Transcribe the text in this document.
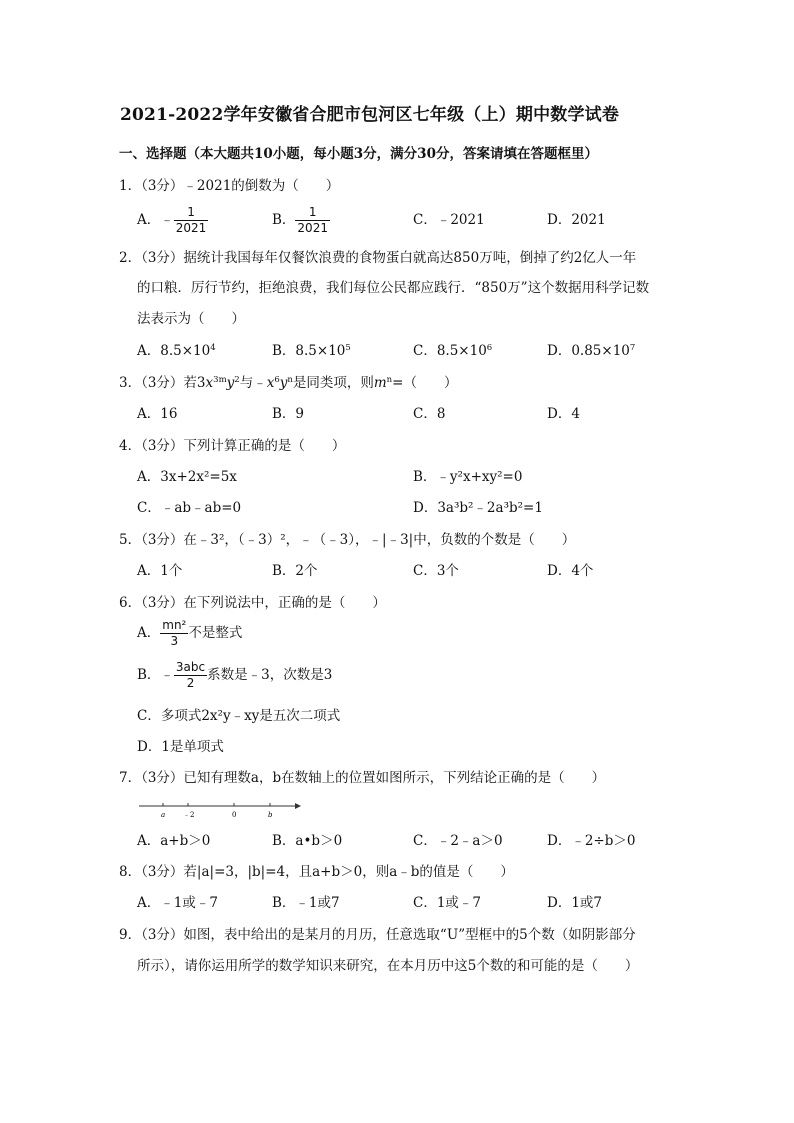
2021-2022学年安徽省合肥市包河区七年级（上）期中数学试卷
一、选择题（本大题共10小题，每小题3分，满分30分，答案请填在答题框里）
1．（3分）﹣2021的倒数为（　　）
A．﹣ $\frac{1}{2021}$	B． $\frac{1}{2021}$	C．﹣2021	D．2021
2．（3分）据统计我国每年仅餐饮浪费的食物蛋白就高达850万吨，倒掉了约2亿人一年
的口粮．厉行节约，拒绝浪费，我们每位公民都应践行．“850万”这个数据用科学记数
法表示为（　　）
A．$8.5\times 10^4$	B．$8.5\times 10^5$	C．$8.5\times 10^6$	D．$0.85\times 10^7$
3．（3分）若$3x^{3m}y^2$与$﹣x^6y^n$是同类项，则$m^n=$（　　）
A．16	B．9	C．8	D．4
4．（3分）下列计算正确的是（　　）
A．3x+2x²=5x	B．﹣y²x+xy²=0
C．﹣ab﹣ab=0	D．3a³b²﹣2a³b²=1
5．（3分）在﹣3²，（﹣3）²，﹣（﹣3），﹣|﹣3|中，负数的个数是（　　）
A．1个	B．2个	C．3个	D．4个
6．（3分）在下列说法中，正确的是（　　）
A． $\frac{\text{mn²}}{3}$ 不是整式
B．﹣ $\frac{\text{3abc}}{2}$ 系数是﹣3，次数是3
C．多项式2x²y﹣xy是五次二项式
D．1是单项式
7．（3分）已知有理数a，b在数轴上的位置如图所示，下列结论正确的是（　　）
a	﹣2	0	b
A．a+b＞0	B．a•b＞0	C．﹣2﹣a＞0	D．﹣2÷b＞0
8．（3分）若|a|=3，|b|=4，且a+b＞0，则a﹣b的值是（　　）
A．﹣1或﹣7	B．﹣1或7	C．1或﹣7	D．1或7
9．（3分）如图，表中给出的是某月的月历，任意选取“U”型框中的5个数（如阴影部分
所示），请你运用所学的数学知识来研究，在本月历中这5个数的和可能的是（　　）
